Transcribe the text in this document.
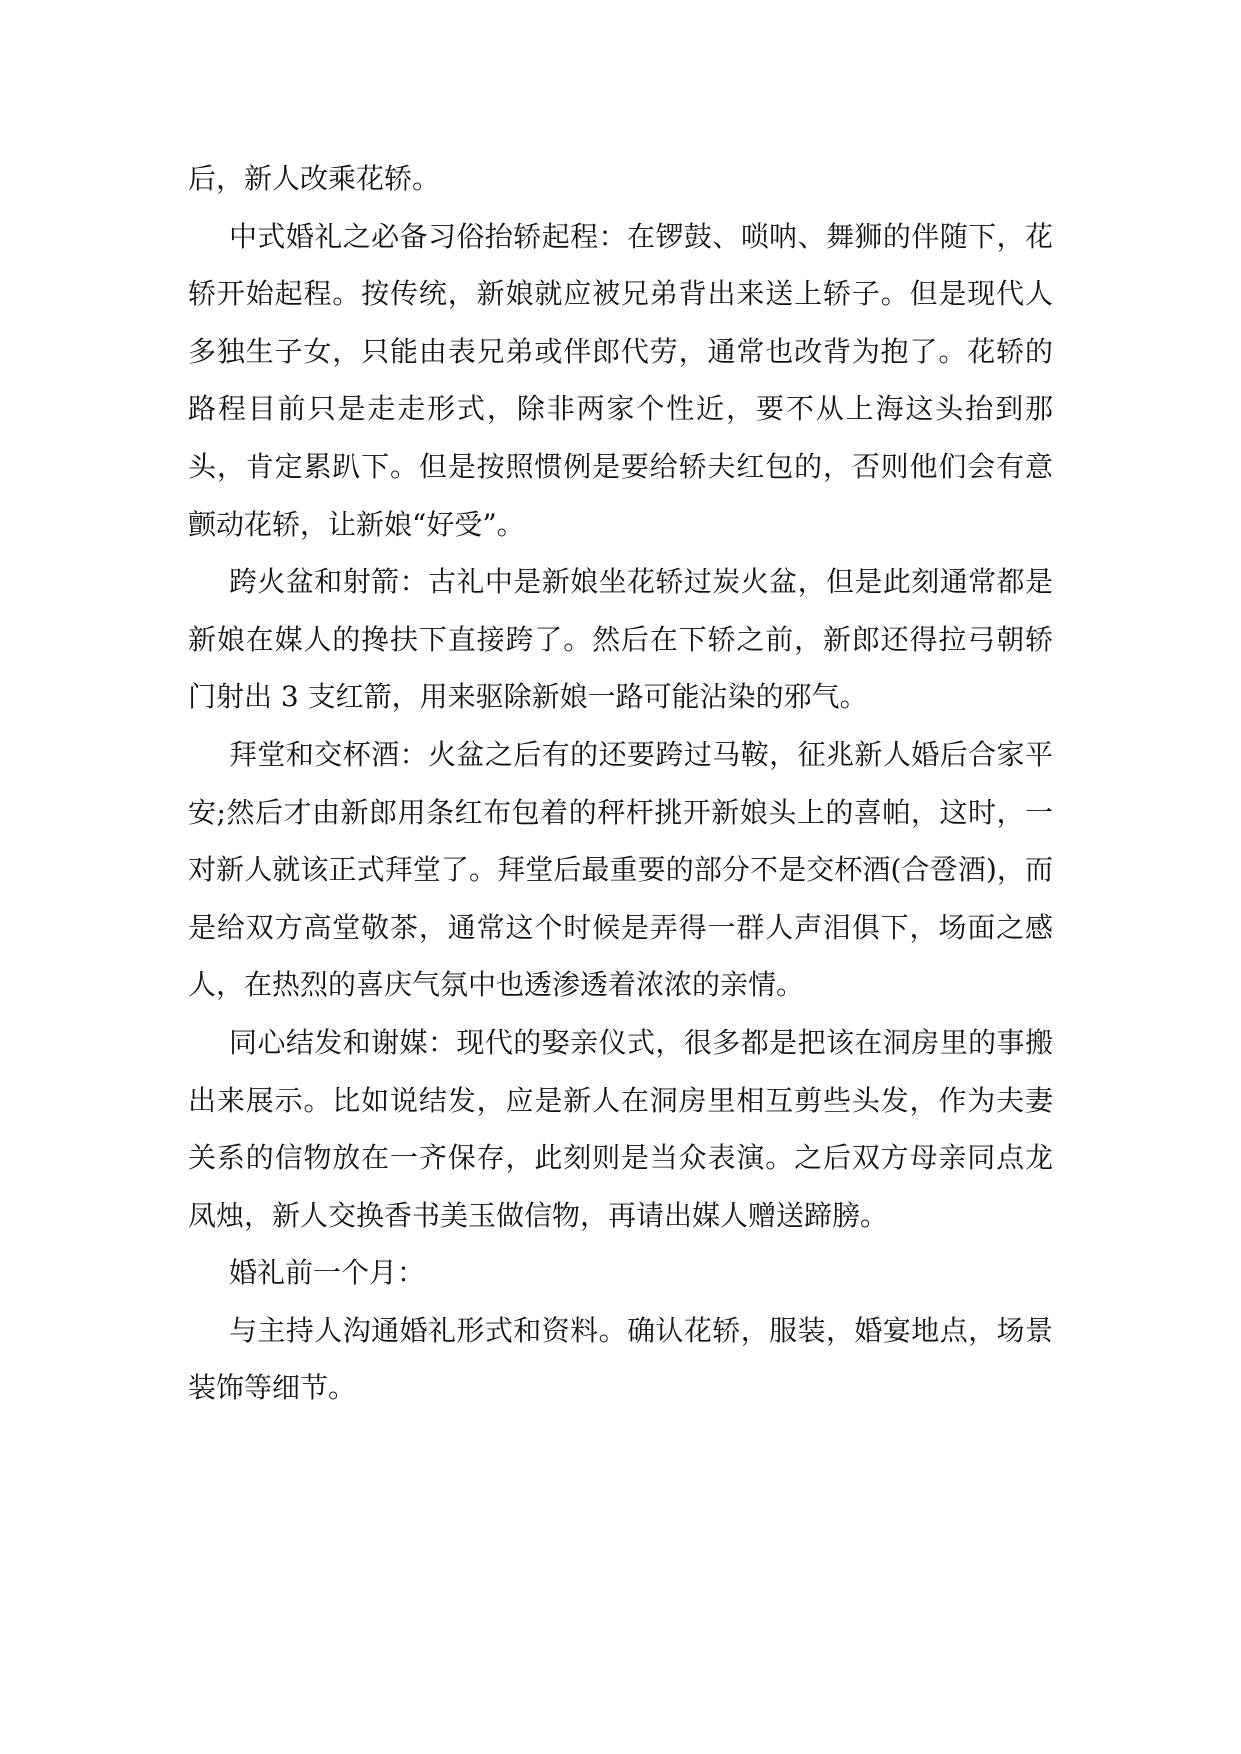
后，新人改乘花轿。

中式婚礼之必备习俗抬轿起程：在锣鼓、唢呐、舞狮的伴随下，花轿开始起程。按传统，新娘就应被兄弟背出来送上轿子。但是现代人多独生子女，只能由表兄弟或伴郎代劳，通常也改背为抱了。花轿的路程目前只是走走形式，除非两家个性近，要不从上海这头抬到那头，肯定累趴下。但是按照惯例是要给轿夫红包的，否则他们会有意颤动花轿，让新娘“好受”。

跨火盆和射箭：古礼中是新娘坐花轿过炭火盆，但是此刻通常都是新娘在媒人的搀扶下直接跨了。然后在下轿之前，新郎还得拉弓朝轿门射出 3 支红箭，用来驱除新娘一路可能沾染的邪气。

拜堂和交杯酒：火盆之后有的还要跨过马鞍，征兆新人婚后合家平安;然后才由新郎用条红布包着的秤杆挑开新娘头上的喜帕，这时，一对新人就该正式拜堂了。拜堂后最重要的部分不是交杯酒(合卺酒)，而是给双方高堂敬茶，通常这个时候是弄得一群人声泪俱下，场面之感人，在热烈的喜庆气氛中也透渗透着浓浓的亲情。

同心结发和谢媒：现代的娶亲仪式，很多都是把该在洞房里的事搬出来展示。比如说结发，应是新人在洞房里相互剪些头发，作为夫妻关系的信物放在一齐保存，此刻则是当众表演。之后双方母亲同点龙凤烛，新人交换香书美玉做信物，再请出媒人赠送蹄膀。

婚礼前一个月：

与主持人沟通婚礼形式和资料。确认花轿，服装，婚宴地点，场景装饰等细节。
